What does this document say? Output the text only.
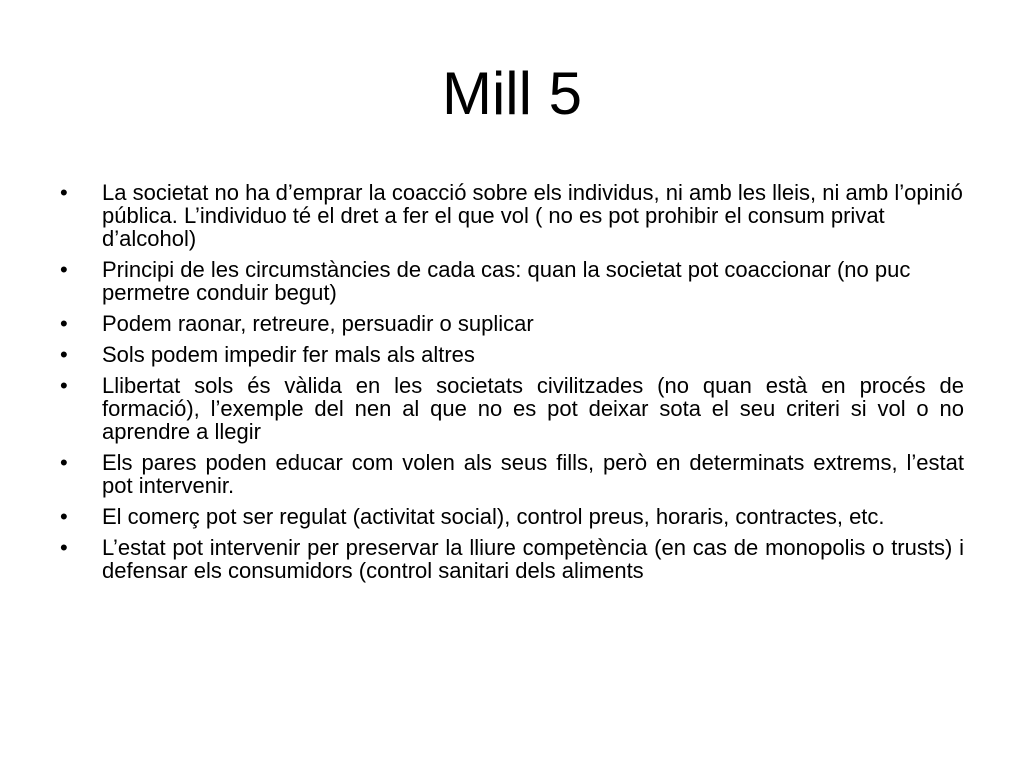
Mill 5
•	La societat no ha d’emprar la coacció sobre els individus, ni amb les lleis, ni amb l’opinió pública. L’individuo té el dret a fer el que vol ( no es pot prohibir el consum privat d’alcohol)
•	Principi de les circumstàncies de cada cas: quan la societat pot coaccionar (no puc permetre conduir begut)
•	Podem raonar, retreure, persuadir o suplicar
•	Sols podem impedir fer mals als altres
•	Llibertat sols és vàlida en les societats civilitzades (no quan està en procés de formació), l’exemple del nen al que no es pot deixar sota el seu criteri si vol o no aprendre a llegir
•	Els pares poden educar com volen als seus fills, però en determinats extrems, l’estat pot intervenir.
•	El comerç pot ser regulat (activitat social), control preus, horaris, contractes, etc.
•	L’estat pot intervenir per preservar la lliure competència (en cas de monopolis o trusts) i defensar els consumidors (control sanitari dels aliments
